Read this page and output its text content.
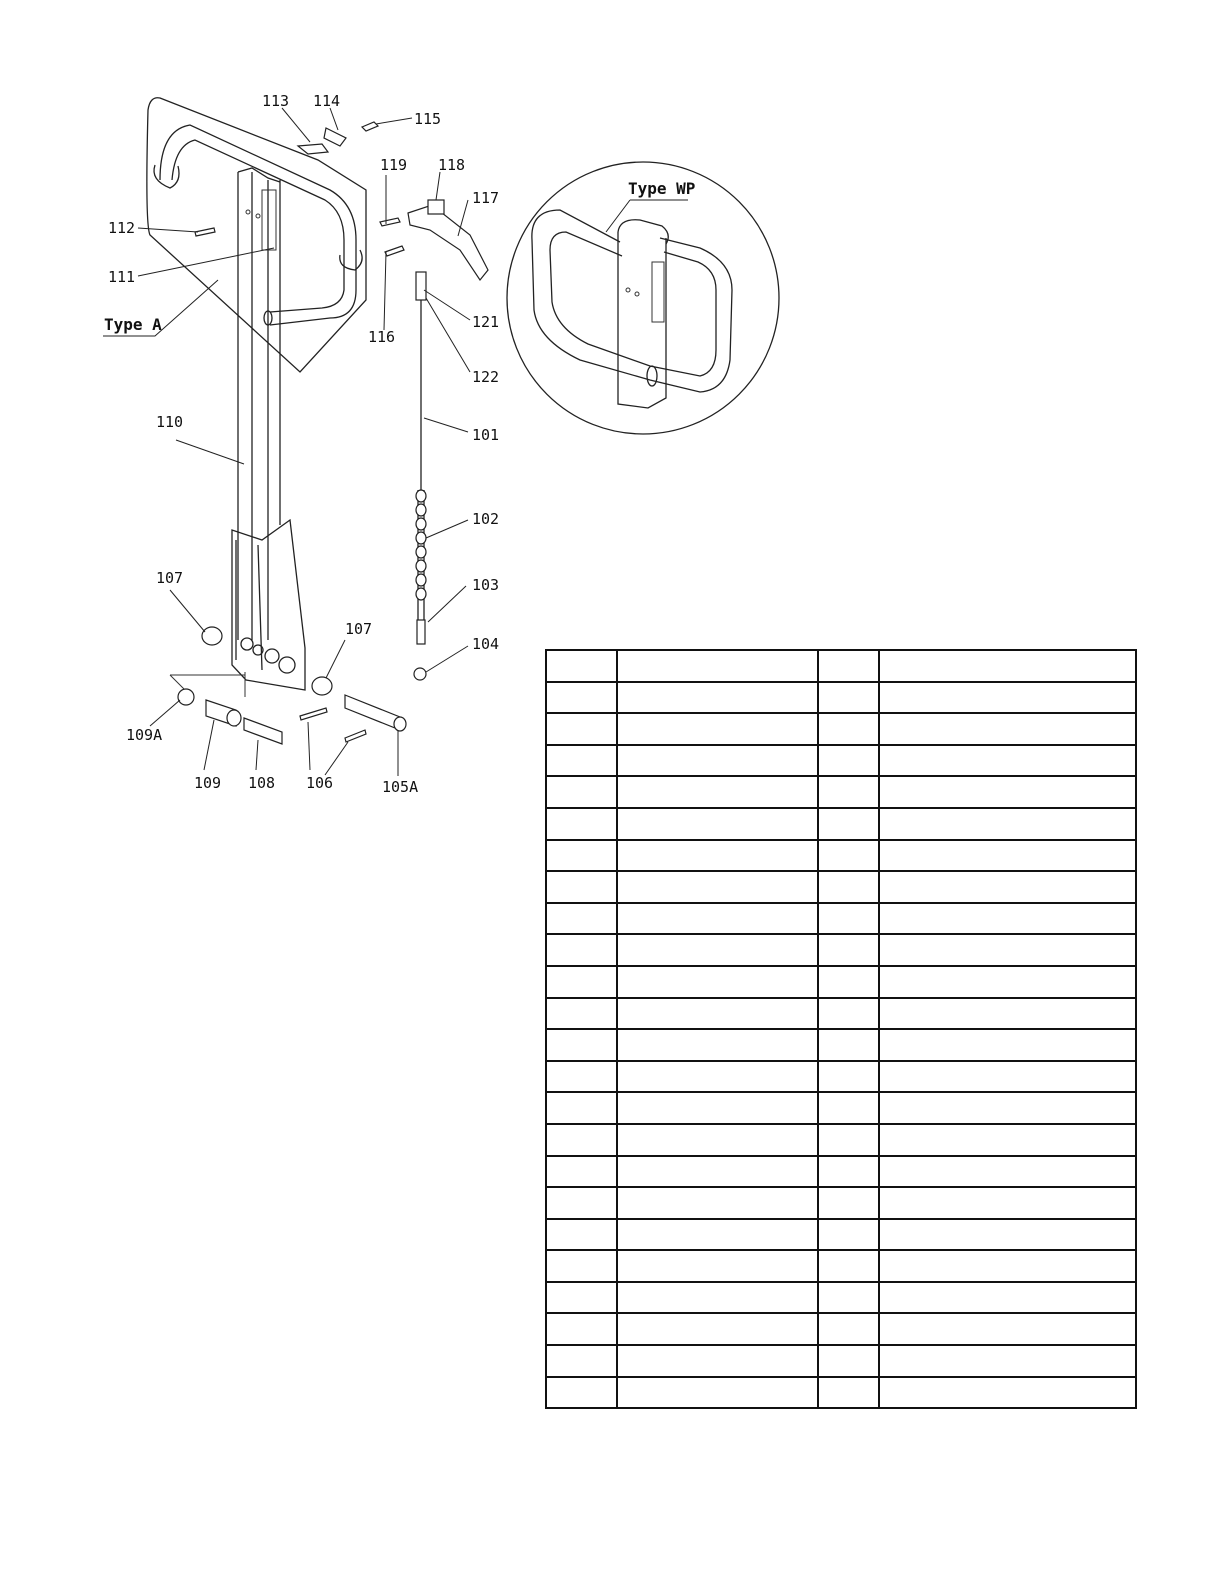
113 114
115
119 118
117
112
111
Type A
116
121
122
110
101
102
107	103
107
104
109A
109 108 106	105A
Type WP
